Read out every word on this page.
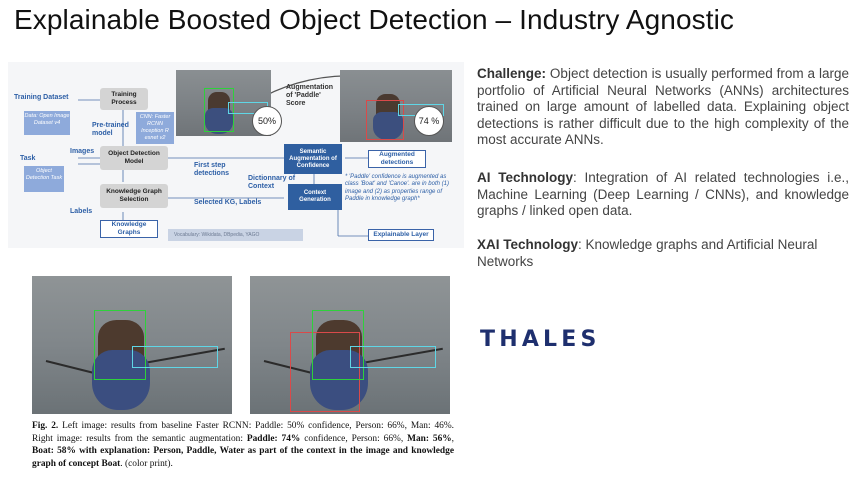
Explainable Boosted Object Detection – Industry Agnostic
Training Dataset
Data: Open Image Dataset v4
Training Process
Pre-trained model
CNN: Faster RCNN Inception R esnet v2
Task
Object Detection Task
Images	Object Detection Model
First step detections
Dictionnary of Context
Semantic Augmentation of Confidence
Augmented detections
Knowledge Graph Selection	Selected KG, Labels
Context Generation
Labels
Knowledge Graphs	Vocabulary: Wikidata, DBpedia, YAGO
* 'Paddle' confidence is augmented as class 'Boat' and 'Canoe'. are in both (1) image and (2) as properties range of Paddle in knowledge graph*
Explainable Layer
Augmentation of 'Paddle' Score
50%	74 %
Challenge: Object detection is usually performed from a large portfolio of Artificial Neural Networks (ANNs) architectures trained on large amount of labelled data. Explaining object detections is rather difficult due to the high complexity of the most accurate ANNs.
AI Technology: Integration of AI related technologies i.e., Machine Learning (Deep Learning / CNNs), and knowledge graphs / linked open data.
XAI Technology: Knowledge graphs and Artificial Neural Networks
THALES
Fig. 2. Left image: results from baseline Faster RCNN: Paddle: 50% confidence, Person: 66%, Man: 46%. Right image: results from the semantic augmentation: Paddle: 74% confidence, Person: 66%, Man: 56%, Boat: 58% with explanation: Person, Paddle, Water as part of the context in the image and knowledge graph of concept Boat. (color print).
